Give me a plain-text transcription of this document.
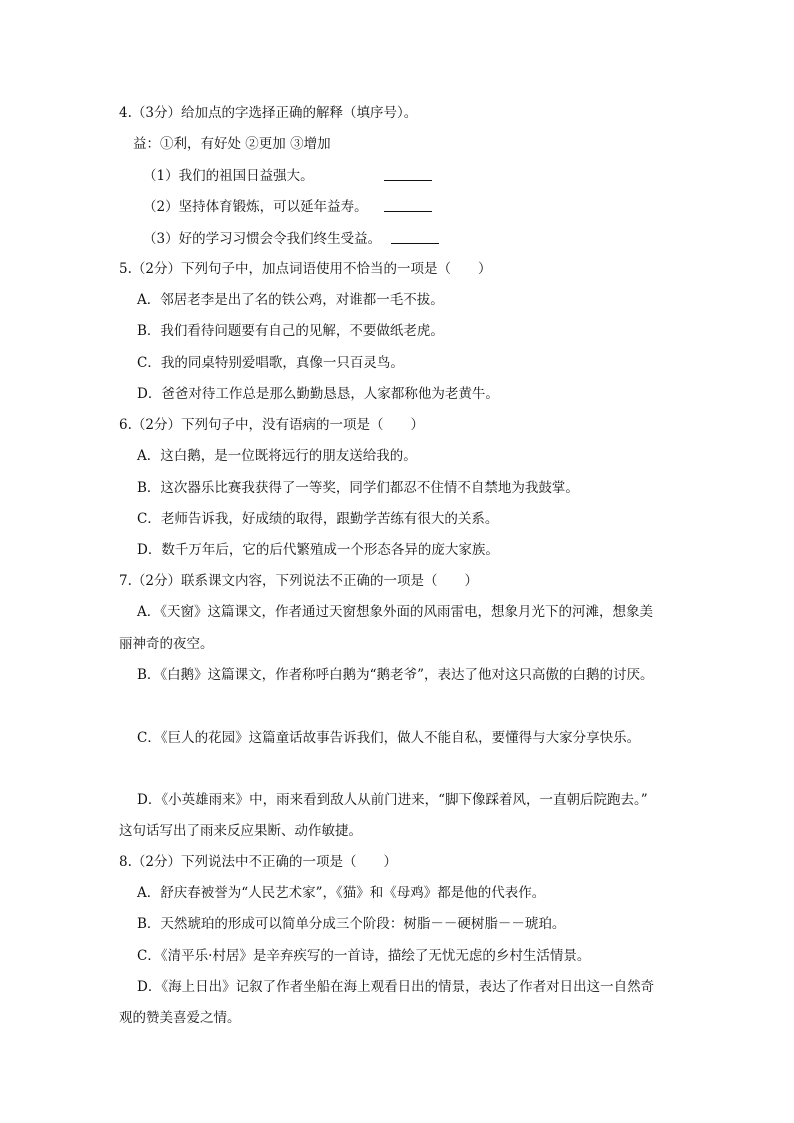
4.（3分）给加点的字选择正确的解释（填序号）。
益：①利，有好处 ②更加 ③增加
（1）我们的祖国日益强大。
（2）坚持体育锻炼，可以延年益寿。
（3）好的学习习惯会令我们终生受益。
5.（2分）下列句子中，加点词语使用不恰当的一项是（　　）
A．邻居老李是出了名的铁公鸡，对谁都一毛不拔。
B．我们看待问题要有自己的见解，不要做纸老虎。
C．我的同桌特别爱唱歌，真像一只百灵鸟。
D．爸爸对待工作总是那么勤勤恳恳，人家都称他为老黄牛。
6.（2分）下列句子中，没有语病的一项是（　　）
A．这白鹅，是一位既将远行的朋友送给我的。
B．这次器乐比赛我获得了一等奖，同学们都忍不住情不自禁地为我鼓掌。
C．老师告诉我，好成绩的取得，跟勤学苦练有很大的关系。
D．数千万年后，它的后代繁殖成一个形态各异的庞大家族。
7.（2分）联系课文内容，下列说法不正确的一项是（　　）
A．《天窗》这篇课文，作者通过天窗想象外面的风雨雷电，想象月光下的河滩，想象美
丽神奇的夜空。
B．《白鹅》这篇课文，作者称呼白鹅为“鹅老爷”，表达了他对这只高傲的白鹅的讨厌。
C．《巨人的花园》这篇童话故事告诉我们，做人不能自私，要懂得与大家分享快乐。
D．《小英雄雨来》中，雨来看到敌人从前门进来，“脚下像踩着风，一直朝后院跑去。”
这句话写出了雨来反应果断、动作敏捷。
8.（2分）下列说法中不正确的一项是（　　）
A．舒庆春被誉为“人民艺术家”，《猫》和《母鸡》都是他的代表作。
B．天然琥珀的形成可以简单分成三个阶段：树脂－－硬树脂－－琥珀。
C．《清平乐·村居》是辛弃疾写的一首诗，描绘了无忧无虑的乡村生活情景。
D．《海上日出》记叙了作者坐船在海上观看日出的情景，表达了作者对日出这一自然奇
观的赞美喜爱之情。
